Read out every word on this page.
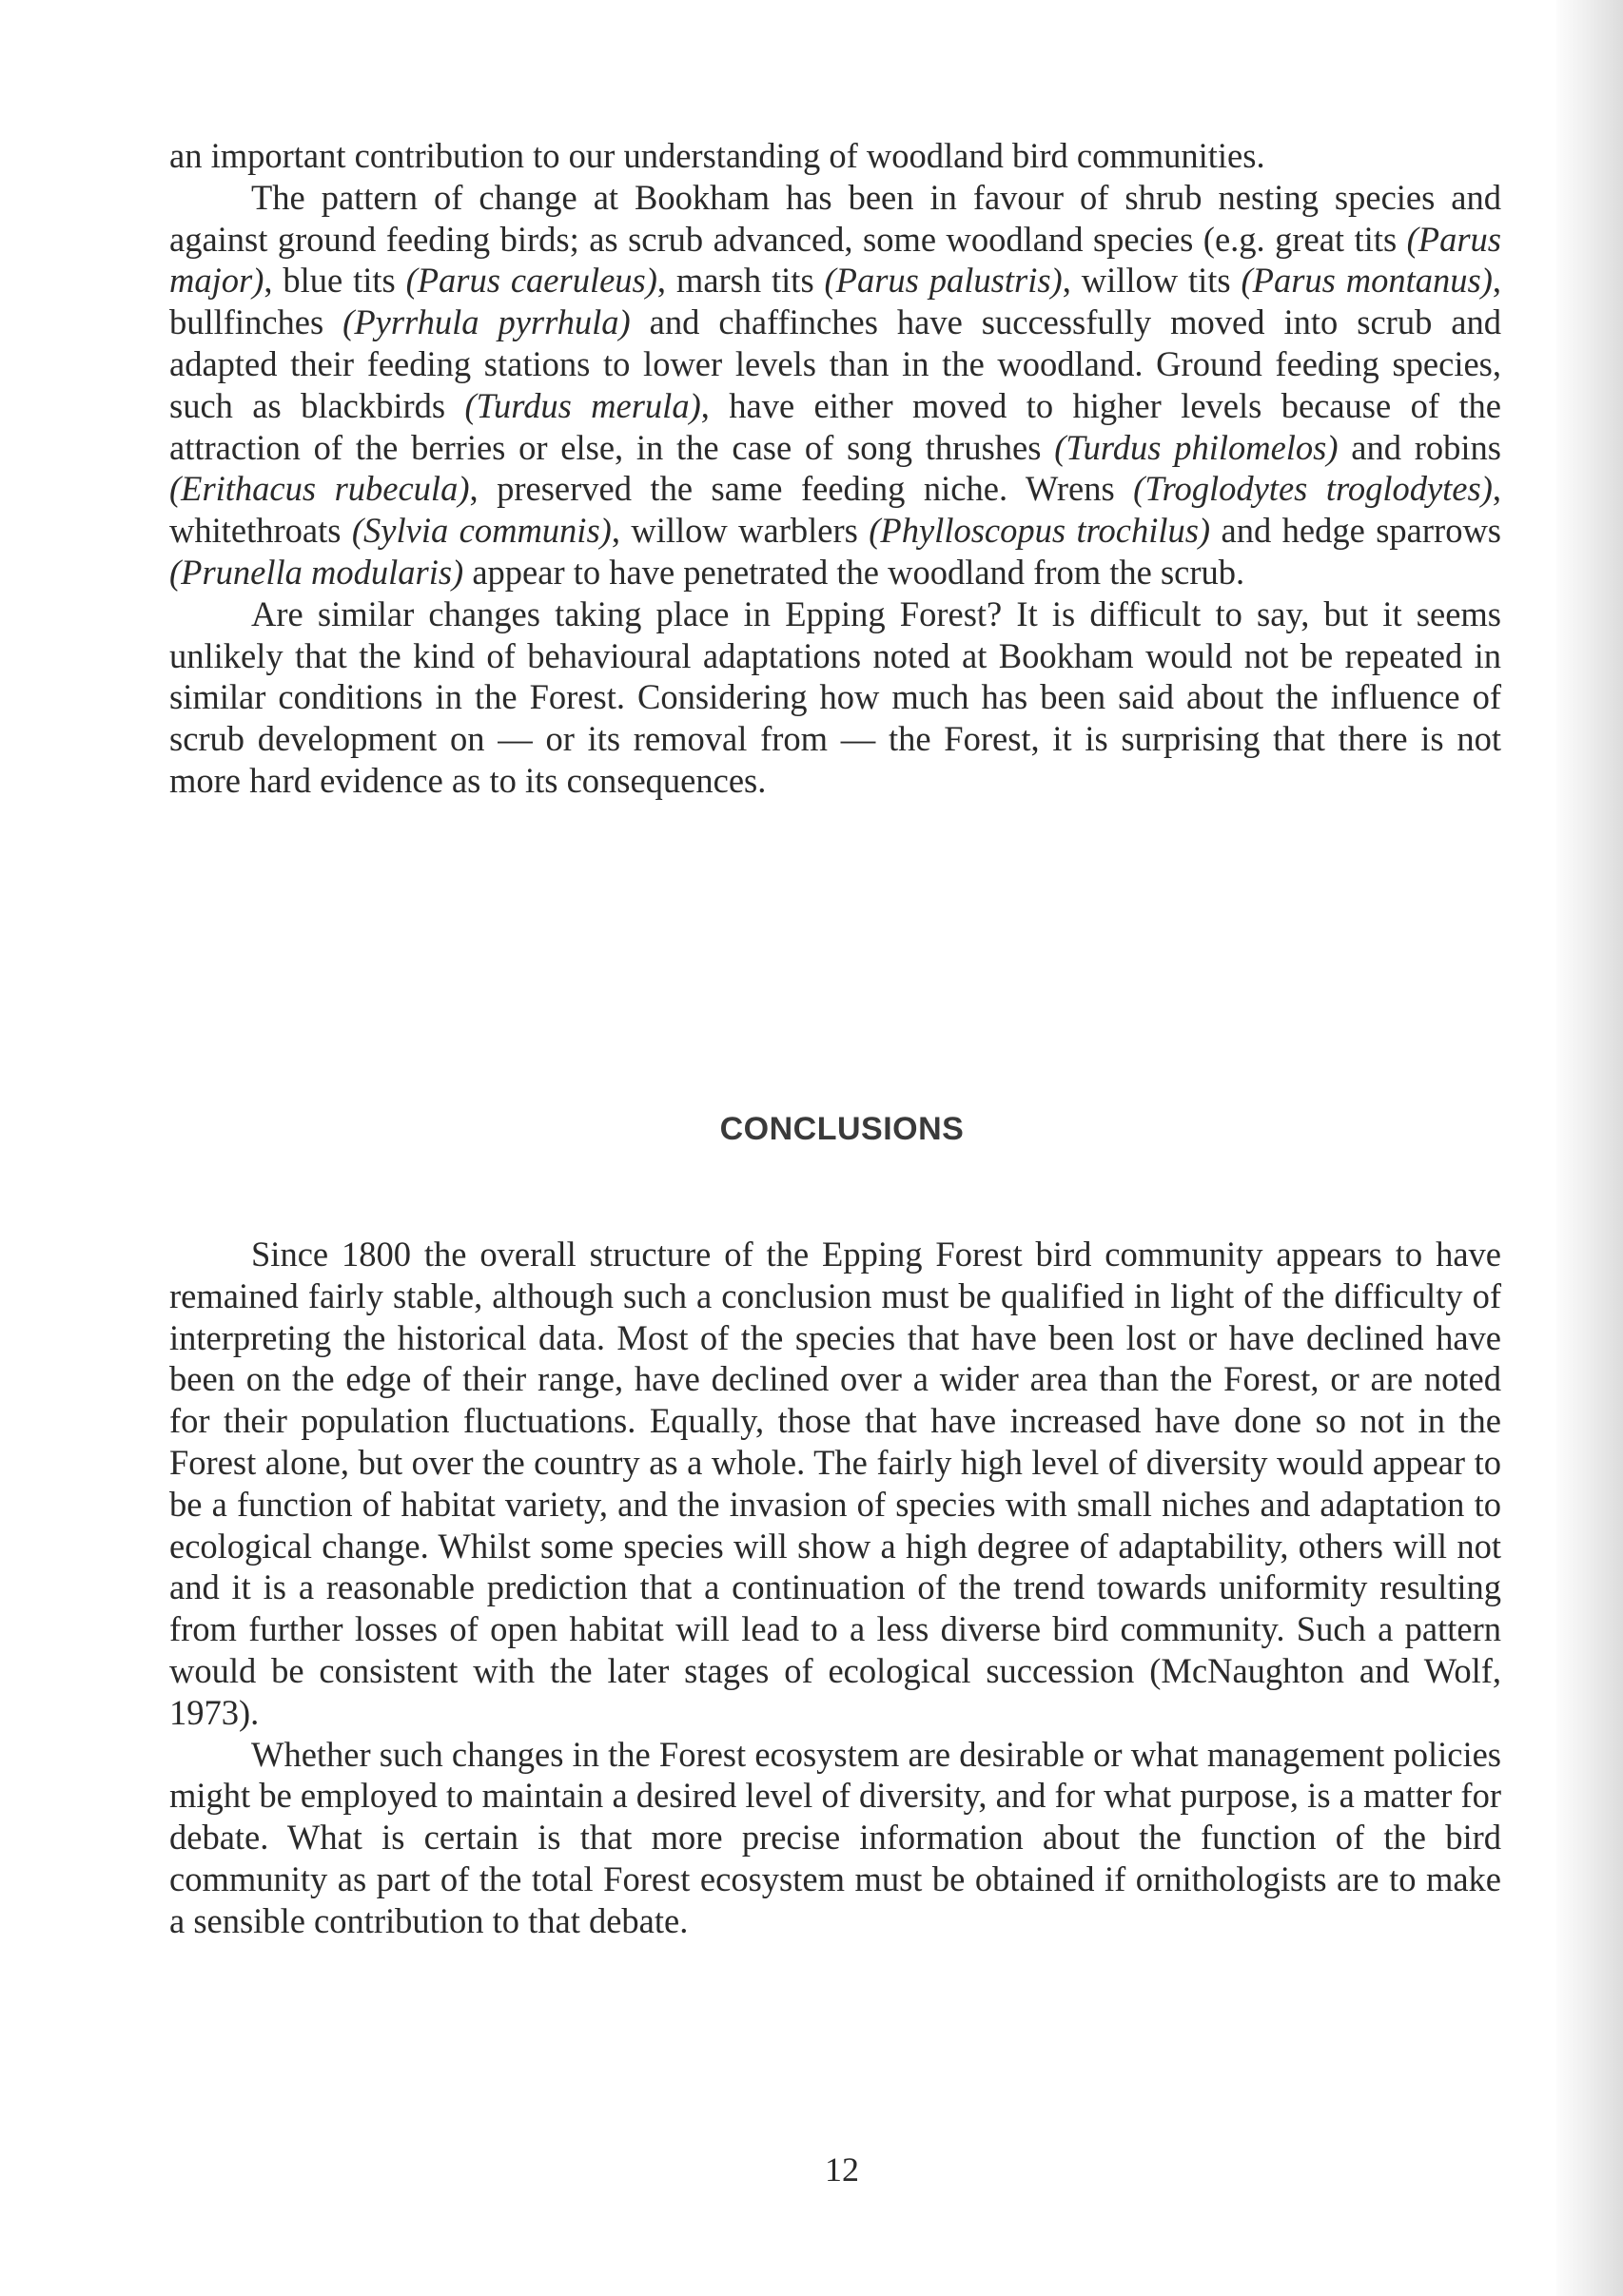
an important contribution to our understanding of woodland bird communities.

The pattern of change at Bookham has been in favour of shrub nesting species and against ground feeding birds; as scrub advanced, some woodland species (e.g. great tits (Parus major), blue tits (Parus caeruleus), marsh tits (Parus palustris), willow tits (Parus montanus), bullfinches (Pyrrhula pyrrhula) and chaffinches have successfully moved into scrub and adapted their feeding stations to lower levels than in the woodland. Ground feeding species, such as blackbirds (Turdus merula), have either moved to higher levels because of the attraction of the berries or else, in the case of song thrushes (Turdus philomelos) and robins (Erithacus rubecula), preserved the same feeding niche. Wrens (Troglodytes troglodytes), whitethroats (Sylvia communis), willow warblers (Phylloscopus trochilus) and hedge sparrows (Prunella modularis) appear to have penetrated the woodland from the scrub.

Are similar changes taking place in Epping Forest? It is difficult to say, but it seems unlikely that the kind of behavioural adaptations noted at Bookham would not be repeated in similar conditions in the Forest. Considering how much has been said about the influence of scrub development on — or its removal from — the Forest, it is surprising that there is not more hard evidence as to its consequences.

CONCLUSIONS

Since 1800 the overall structure of the Epping Forest bird community appears to have remained fairly stable, although such a conclusion must be qualified in light of the difficulty of interpreting the historical data. Most of the species that have been lost or have declined have been on the edge of their range, have declined over a wider area than the Forest, or are noted for their population fluctuations. Equally, those that have increased have done so not in the Forest alone, but over the country as a whole. The fairly high level of diversity would appear to be a function of habitat variety, and the invasion of species with small niches and adaptation to ecological change. Whilst some species will show a high degree of adaptability, others will not and it is a reasonable prediction that a continuation of the trend towards uniformity resulting from further losses of open habitat will lead to a less diverse bird community. Such a pattern would be consistent with the later stages of ecological succession (McNaughton and Wolf, 1973).

Whether such changes in the Forest ecosystem are desirable or what management policies might be employed to maintain a desired level of diversity, and for what purpose, is a matter for debate. What is certain is that more precise information about the function of the bird community as part of the total Forest ecosystem must be obtained if ornithologists are to make a sensible contribution to that debate.

12
